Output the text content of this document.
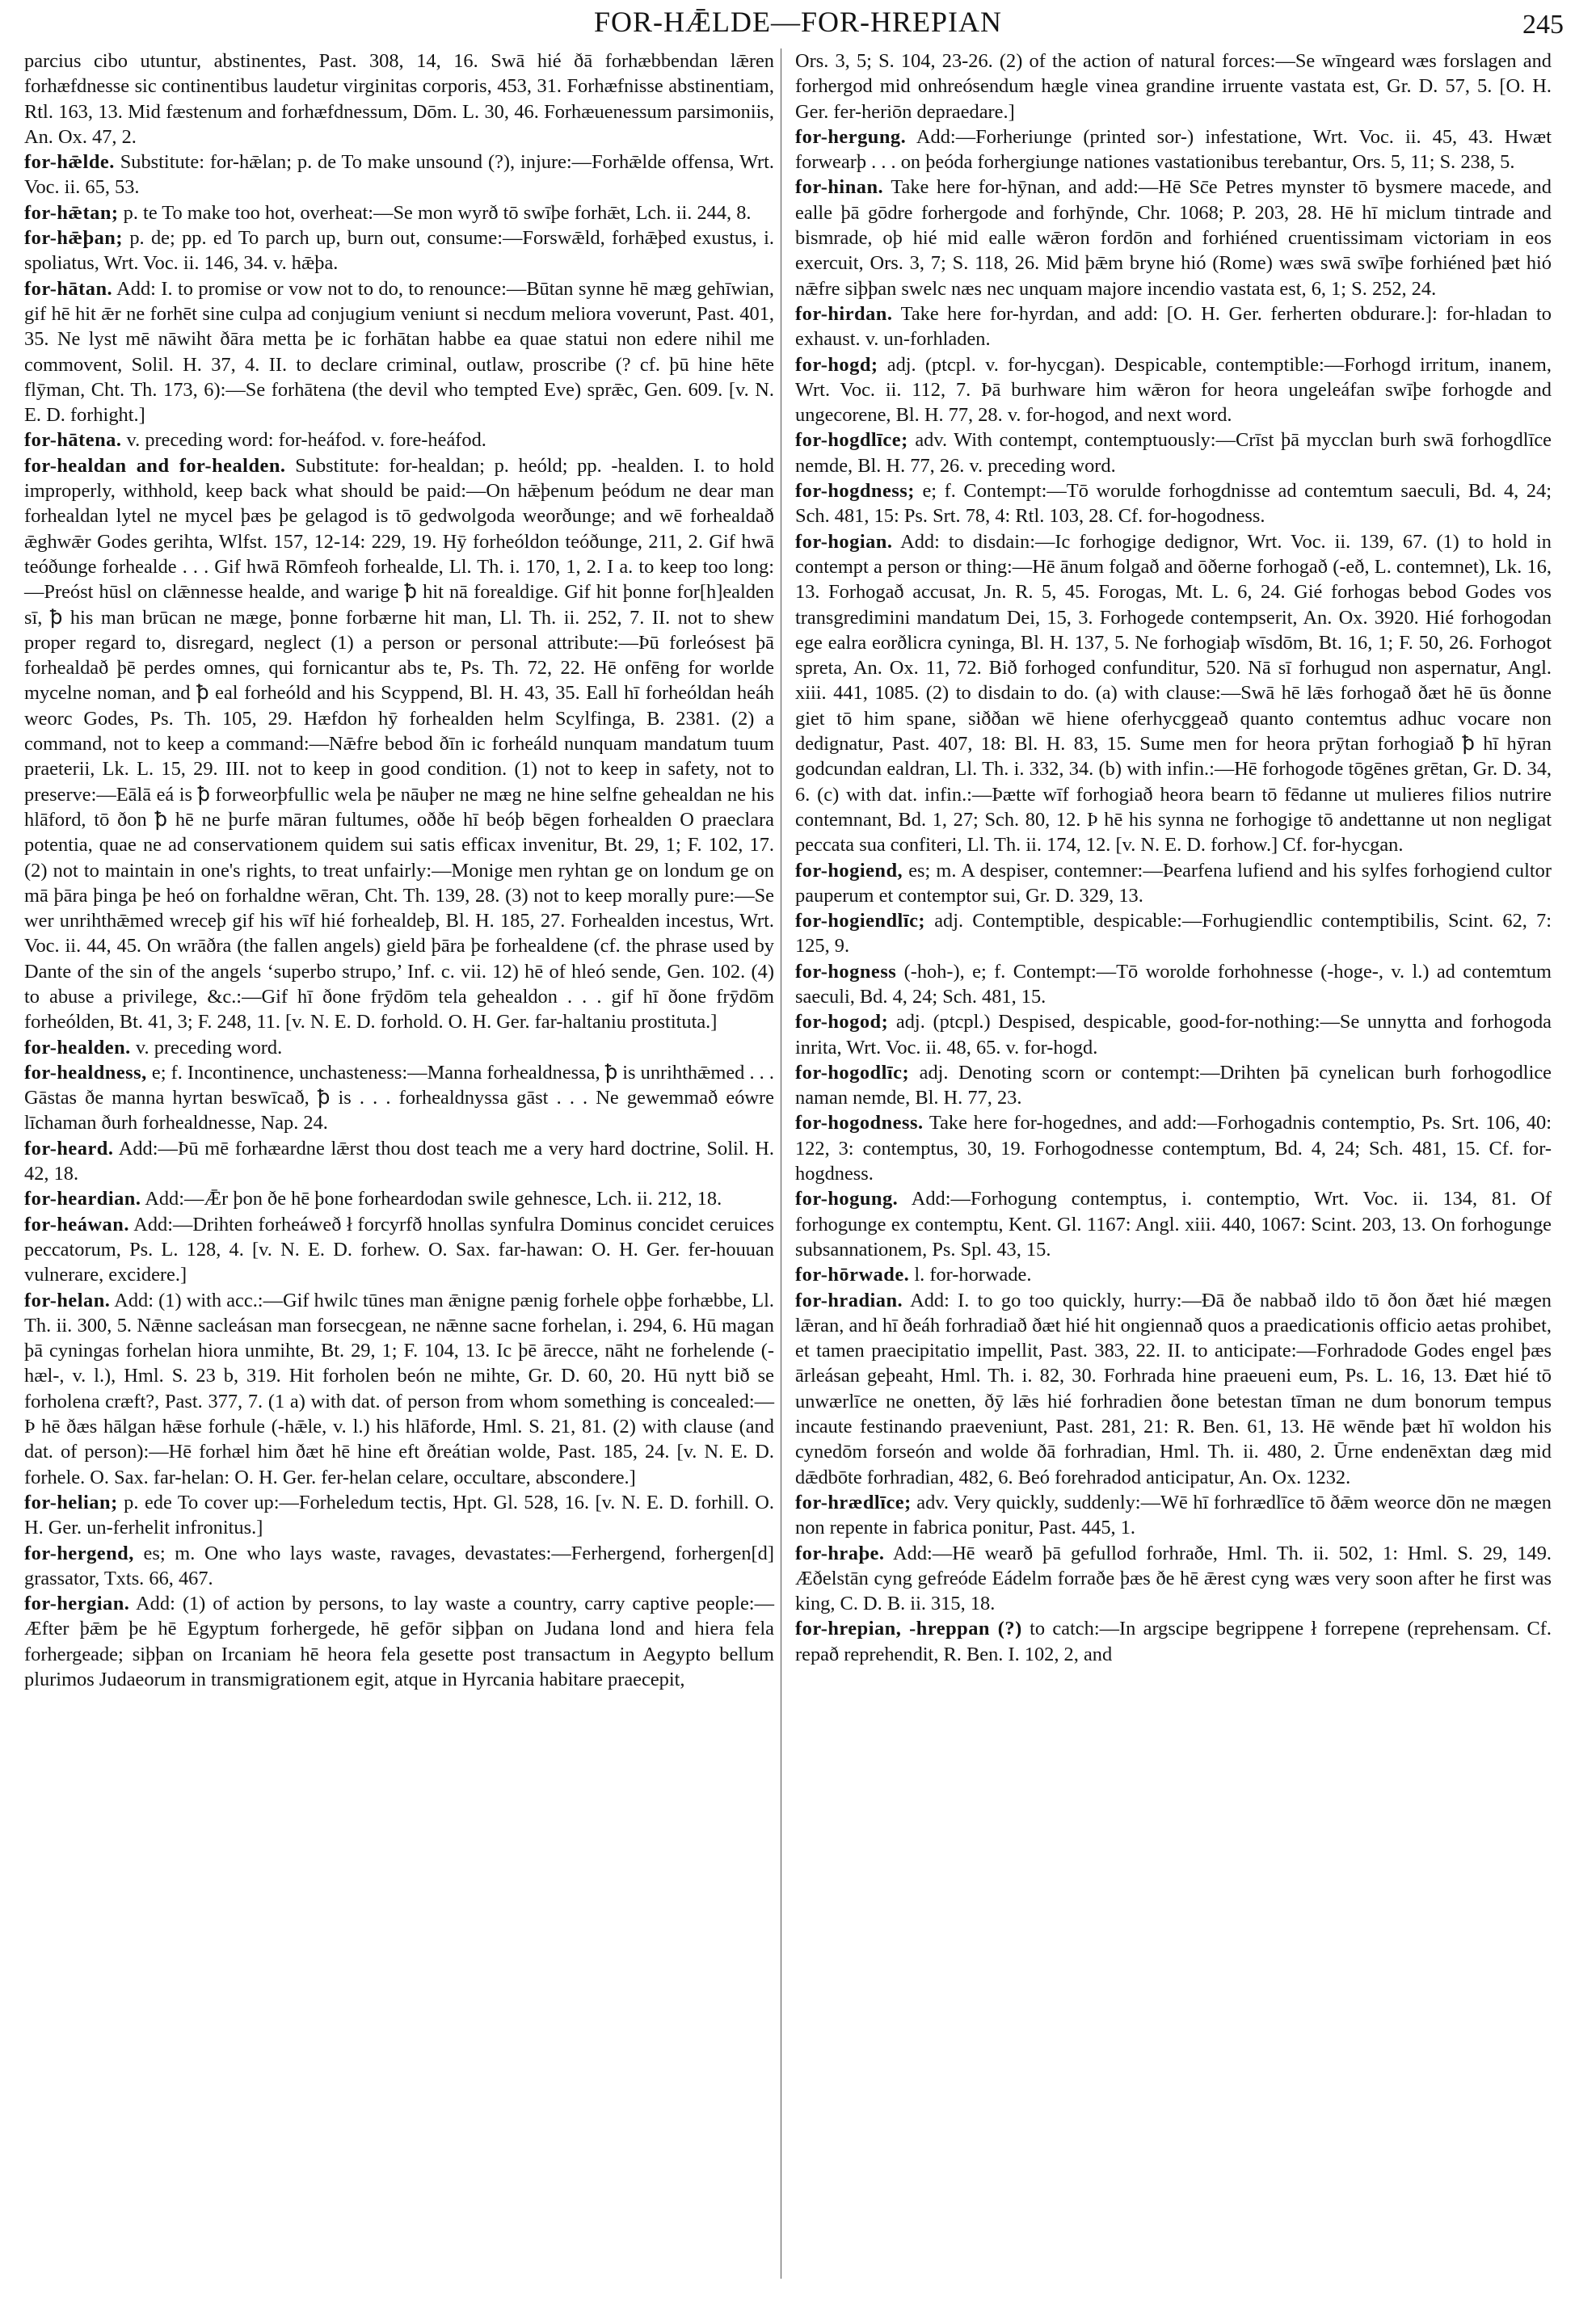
FOR-HǢLDE—FOR-HREPIAN	245

parcius cibo utuntur, abstinentes, Past. 308, 14, 16. Swā hié ðā forhæbbendan lǣren forhæfdnesse sic continentibus laudetur virginitas corporis, 453, 31. Forhæfnisse abstinentiam, Rtl. 163, 13. Mid fæstenum and forhæfdnessum, Dōm. L. 30, 46. Forhæuenessum parsimoniis, An. Ox. 47, 2.

for-hǣlde. Substitute: for-hǣlan; p. de To make unsound (?), injure:—Forhǣlde offensa, Wrt. Voc. ii. 65, 53.

for-hǣtan; p. te To make too hot, overheat:—Se mon wyrð tō swīþe forhǣt, Lch. ii. 244, 8.

for-hǣþan; p. de; pp. ed To parch up, burn out, consume:—Forswǣld, forhǣþed exustus, i. spoliatus, Wrt. Voc. ii. 146, 34. v. hǣþa.

for-hātan. Add: I. to promise or vow not to do, to renounce:—Būtan synne hē mæg gehīwian, gif hē hit ǣr ne forhēt sine culpa ad conjugium veniunt si necdum meliora voverunt, Past. 401, 35. Ne lyst mē nāwiht ðāra metta þe ic forhātan habbe ea quae statui non edere nihil me commovent, Solil. H. 37, 4. II. to declare criminal, outlaw, proscribe (? cf. þū hine hēte flȳman, Cht. Th. 173, 6):—Se forhātena (the devil who tempted Eve) sprǣc, Gen. 609. [v. N. E. D. forhight.]

for-hātena. v. preceding word: for-heáfod. v. fore-heáfod.

for-healdan and for-healden. Substitute: for-healdan; p. heóld; pp. -healden. I. to hold improperly, withhold, keep back what should be paid:—On hǣþenum þeódum ne dear man forhealdan lytel ne mycel þæs þe gelagod is tō gedwolgoda weorðunge; and wē forhealdað ǣghwǣr Godes gerihta, Wlfst. 157, 12-14: 229, 19. Hȳ forheóldon teóðunge, 211, 2. Gif hwā teóðunge forhealde . . . Gif hwā Rōmfeoh forhealde, Ll. Th. i. 170, 1, 2. I a. to keep too long:—Preóst hūsl on clǣnnesse healde, and warige ꝥ hit nā forealdige. Gif hit þonne for[h]ealden sī, ꝥ his man brūcan ne mæge, þonne forbærne hit man, Ll. Th. ii. 252, 7. II. not to shew proper regard to, disregard, neglect (1) a person or personal attribute:—Þū forleósest þā forhealdað þē perdes omnes, qui fornicantur abs te, Ps. Th. 72, 22. Hē onfēng for worlde mycelne noman, and ꝥ eal forheóld and his Scyppend, Bl. H. 43, 35. Eall hī forheóldan heáh weorc Godes, Ps. Th. 105, 29. Hæfdon hȳ forhealden helm Scylfinga, B. 2381. (2) a command, not to keep a command:—Nǣfre bebod ðīn ic forheáld nunquam mandatum tuum praeterii, Lk. L. 15, 29. III. not to keep in good condition. (1) not to keep in safety, not to preserve:—Eālā eá is ꝥ forweorþfullic wela þe nāuþer ne mæg ne hine selfne gehealdan ne his hlāford, tō ðon ꝥ hē ne þurfe māran fultumes, oððe hī beóþ bēgen forhealden O praeclara potentia, quae ne ad conservationem quidem sui satis efficax invenitur, Bt. 29, 1; F. 102, 17. (2) not to maintain in one's rights, to treat unfairly:—Monige men ryhtan ge on londum ge on mā þāra þinga þe heó on forhaldne wēran, Cht. Th. 139, 28. (3) not to keep morally pure:—Se wer unrihthǣmed wreceþ gif his wīf hié forhealdeþ, Bl. H. 185, 27. Forhealden incestus, Wrt. Voc. ii. 44, 45. On wrāðra (the fallen angels) gield þāra þe forhealdene (cf. the phrase used by Dante of the sin of the angels ‘superbo strupo,’ Inf. c. vii. 12) hē of hleó sende, Gen. 102. (4) to abuse a privilege, &c.:—Gif hī ðone frȳdōm tela gehealdon . . . gif hī ðone frȳdōm forheólden, Bt. 41, 3; F. 248, 11. [v. N. E. D. forhold. O. H. Ger. far-haltaniu prostituta.]

for-healden. v. preceding word.

for-healdness, e; f. Incontinence, unchasteness:—Manna forhealdnessa, ꝥ is unrihthǣmed . . . Gāstas ðe manna hyrtan beswīcað, ꝥ is . . . forhealdnyssa gāst . . . Ne gewemmað eówre līchaman ðurh forhealdnesse, Nap. 24.

for-heard. Add:—Þū mē forhæardne lǣrst thou dost teach me a very hard doctrine, Solil. H. 42, 18.

for-heardian. Add:—Ǣr þon ðe hē þone forheardodan swile gehnesce, Lch. ii. 212, 18.

for-heáwan. Add:—Drihten forheáweð ł forcyrfð hnollas synfulra Dominus concidet ceruices peccatorum, Ps. L. 128, 4. [v. N. E. D. forhew. O. Sax. far-hawan: O. H. Ger. fer-houuan vulnerare, excidere.]

for-helan. Add: (1) with acc.:—Gif hwilc tūnes man ǣnigne pænig forhele oþþe forhæbbe, Ll. Th. ii. 300, 5. Nǣnne sacleásan man forsecgean, ne nǣnne sacne forhelan, i. 294, 6. Hū magan þā cyningas forhelan hiora unmihte, Bt. 29, 1; F. 104, 13. Ic þē ārecce, nāht ne forhelende (-hæl-, v. l.), Hml. S. 23 b, 319. Hit forholen beón ne mihte, Gr. D. 60, 20. Hū nytt bið se forholena cræft?, Past. 377, 7. (1 a) with dat. of person from whom something is concealed:—Þ hē ðæs hālgan hǣse forhule (-hǣle, v. l.) his hlāforde, Hml. S. 21, 81. (2) with clause (and dat. of person):—Hē forhæl him ðæt hē hine eft ðreátian wolde, Past. 185, 24. [v. N. E. D. forhele. O. Sax. far-helan: O. H. Ger. fer-helan celare, occultare, abscondere.]

for-helian; p. ede To cover up:—Forheledum tectis, Hpt. Gl. 528, 16. [v. N. E. D. forhill. O. H. Ger. un-ferhelit infronitus.]

for-hergend, es; m. One who lays waste, ravages, devastates:—Ferhergend, forhergen[d] grassator, Txts. 66, 467.

for-hergian. Add: (1) of action by persons, to lay waste a country, carry captive people:—Æfter þǣm þe hē Egyptum forhergede, hē gefōr siþþan on Judana lond and hiera fela forhergeade; siþþan on Ircaniam hē heora fela gesette post transactum in Aegypto bellum plurimos Judaeorum in transmigrationem egit, atque in Hyrcania habitare praecepit,

Ors. 3, 5; S. 104, 23-26. (2) of the action of natural forces:—Se wīngeard wæs forslagen and forhergod mid onhreósendum hægle vinea grandine irruente vastata est, Gr. D. 57, 5. [O. H. Ger. fer-heriōn depraedare.]

for-hergung. Add:—Forheriunge (printed sor-) infestatione, Wrt. Voc. ii. 45, 43. Hwæt forwearþ . . . on þeóda forhergiunge nationes vastationibus terebantur, Ors. 5, 11; S. 238, 5.

for-hinan. Take here for-hȳnan, and add:—Hē Sc̄e Petres mynster tō bysmere macede, and ealle þā gōdre forhergode and forhȳnde, Chr. 1068; P. 203, 28. Hē hī miclum tintrade and bismrade, oþ hié mid ealle wǣron fordōn and forhiéned cruentissimam victoriam in eos exercuit, Ors. 3, 7; S. 118, 26. Mid þǣm bryne hió (Rome) wæs swā swīþe forhiéned þæt hió nǣfre siþþan swelc næs nec unquam majore incendio vastata est, 6, 1; S. 252, 24.

for-hirdan. Take here for-hyrdan, and add: [O. H. Ger. ferherten obdurare.]: for-hladan to exhaust. v. un-forhladen.

for-hogd; adj. (ptcpl. v. for-hycgan). Despicable, contemptible:—Forhogd irritum, inanem, Wrt. Voc. ii. 112, 7. Þā burhware him wǣron for heora ungeleáfan swīþe forhogde and ungecorene, Bl. H. 77, 28. v. for-hogod, and next word.

for-hogdlīce; adv. With contempt, contemptuously:—Crīst þā mycclan burh swā forhogdlīce nemde, Bl. H. 77, 26. v. preceding word.

for-hogdness; e; f. Contempt:—Tō worulde forhogdnisse ad contemtum saeculi, Bd. 4, 24; Sch. 481, 15: Ps. Srt. 78, 4: Rtl. 103, 28. Cf. for-hogodness.

for-hogian. Add: to disdain:—Ic forhogige dedignor, Wrt. Voc. ii. 139, 67. (1) to hold in contempt a person or thing:—Hē ānum folgað and ōðerne forhogað (-eð, L. contemnet), Lk. 16, 13. Forhogað accusat, Jn. R. 5, 45. Forogas, Mt. L. 6, 24. Gié forhogas bebod Godes vos transgredimini mandatum Dei, 15, 3. Forhogede contempserit, An. Ox. 3920. Hié forhogodan ege ealra eorðlicra cyninga, Bl. H. 137, 5. Ne forhogiaþ wīsdōm, Bt. 16, 1; F. 50, 26. Forhogot spreta, An. Ox. 11, 72. Bið forhoged confunditur, 520. Nā sī forhugud non aspernatur, Angl. xiii. 441, 1085. (2) to disdain to do. (a) with clause:—Swā hē lǣs forhogað ðæt hē ūs ðonne giet tō him spane, siððan wē hiene oferhycggeað quanto contemtus adhuc vocare non dedignatur, Past. 407, 18: Bl. H. 83, 15. Sume men for heora prȳtan forhogiað ꝥ hī hȳran godcundan ealdran, Ll. Th. i. 332, 34. (b) with infin.:—Hē forhogode tōgēnes grētan, Gr. D. 34, 6. (c) with dat. infin.:—Þætte wīf forhogiað heora bearn tō fēdanne ut mulieres filios nutrire contemnant, Bd. 1, 27; Sch. 80, 12. Þ hē his synna ne forhogige tō andettanne ut non negligat peccata sua confiteri, Ll. Th. ii. 174, 12. [v. N. E. D. forhow.] Cf. for-hycgan.

for-hogiend, es; m. A despiser, contemner:—Þearfena lufiend and his sylfes forhogiend cultor pauperum et contemptor sui, Gr. D. 329, 13.

for-hogiendlīc; adj. Contemptible, despicable:—Forhugiendlic contemptibilis, Scint. 62, 7: 125, 9.

for-hogness (-hoh-), e; f. Contempt:—Tō worolde forhohnesse (-hoge-, v. l.) ad contemtum saeculi, Bd. 4, 24; Sch. 481, 15.

for-hogod; adj. (ptcpl.) Despised, despicable, good-for-nothing:—Se unnytta and forhogoda inrita, Wrt. Voc. ii. 48, 65. v. for-hogd.

for-hogodlīc; adj. Denoting scorn or contempt:—Drihten þā cynelican burh forhogodlice naman nemde, Bl. H. 77, 23.

for-hogodness. Take here for-hogednes, and add:—Forhogadnis contemptio, Ps. Srt. 106, 40: 122, 3: contemptus, 30, 19. Forhogodnesse contemptum, Bd. 4, 24; Sch. 481, 15. Cf. for-hogdness.

for-hogung. Add:—Forhogung contemptus, i. contemptio, Wrt. Voc. ii. 134, 81. Of forhogunge ex contemptu, Kent. Gl. 1167: Angl. xiii. 440, 1067: Scint. 203, 13. On forhogunge subsannationem, Ps. Spl. 43, 15.

for-hōrwade. l. for-horwade.

for-hradian. Add: I. to go too quickly, hurry:—Ðā ðe nabbað ildo tō ðon ðæt hié mægen lǣran, and hī ðeáh forhradiað ðæt hié hit ongiennað quos a praedicationis officio aetas prohibet, et tamen praecipitatio impellit, Past. 383, 22. II. to anticipate:—Forhradode Godes engel þæs ārleásan geþeaht, Hml. Th. i. 82, 30. Forhrada hine praeueni eum, Ps. L. 16, 13. Ðæt hié tō unwærlīce ne onetten, ðȳ lǣs hié forhradien ðone betestan tīman ne dum bonorum tempus incaute festinando praeveniunt, Past. 281, 21: R. Ben. 61, 13. Hē wēnde þæt hī woldon his cynedōm forseón and wolde ðā forhradian, Hml. Th. ii. 480, 2. Ūrne endenēxtan dæg mid dǣdbōte forhradian, 482, 6. Beó forehradod anticipatur, An. Ox. 1232.

for-hrædlīce; adv. Very quickly, suddenly:—Wē hī forhrædlīce tō ðǣm weorce dōn ne mægen non repente in fabrica ponitur, Past. 445, 1.

for-hraþe. Add:—Hē wearð þā gefullod forhraðe, Hml. Th. ii. 502, 1: Hml. S. 29, 149. Æðelstān cyng gefreóde Eádelm forraðe þæs ðe hē ǣrest cyng wæs very soon after he first was king, C. D. B. ii. 315, 18.

for-hrepian, -hreppan (?) to catch:—In argscipe begrippene ł forrepene (reprehensam. Cf. repað reprehendit, R. Ben. I. 102, 2, and
